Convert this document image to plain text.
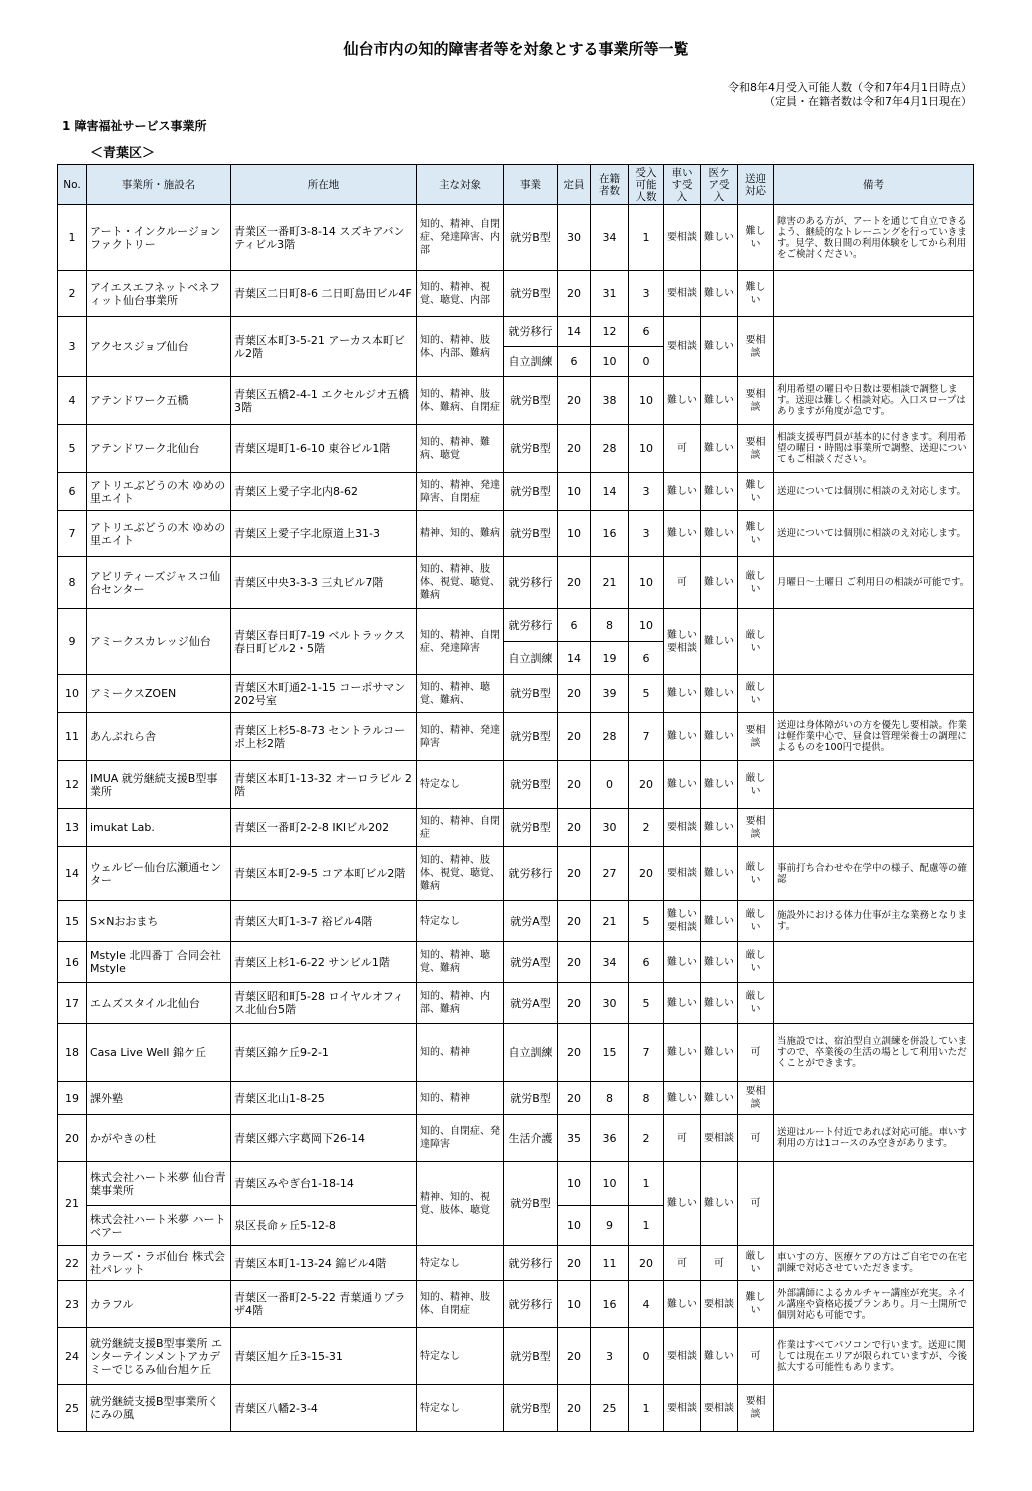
仙台市内の知的障害者等を対象とする事業所等一覧
令和8年4月受入可能人数（令和7年4月1日時点）
（定員・在籍者数は令和7年4月1日現在）
1 障害福祉サービス事業所
＜青葉区＞
No.	事業所・施設名	所在地	主な対象	事業	定員	在籍者数	受入可能人数	車いす受入	医ケア受入	送迎対応	備考
1	アート・インクルージョン ファクトリー	青業区一番町3-8-14 スズキアバンティビル3階	知的、精神、自閉症、発達障害、内部	就労B型	30	34	1	要相談	難しい	難しい	障害のある方が、アートを通じて自立できるよう、継続的なトレーニングを行っていきます。見学、数日間の利用体験をしてから利用をご検討ください。
2	アイエスエフネットベネフィット仙台事業所	青葉区二日町8-6 二日町島田ビル4F	知的、精神、視覚、聴覚、内部	就労B型	20	31	3	要相談	難しい	難しい	
3	アクセスジョブ仙台	青葉区本町3-5-21 アーカス本町ビル2階	知的、精神、肢体、内部、難病	就労移行	14	12	6	要相談	難しい	要相談	
				自立訓練	6	10	0				
4	アテンドワーク五橋	青葉区五橋2-4-1 エクセルジオ五橋3階	知的、精神、肢体、難病、自閉症	就労B型	20	38	10	難しい	難しい	要相談	利用希望の曜日や日数は要相談で調整します。送迎は難しく相談対応。入口スロープはありますが角度が急です。
5	アテンドワーク北仙台	青葉区堤町1-6-10 東谷ビル1階	知的、精神、難病、聴覚	就労B型	20	28	10	可	難しい	要相談	相談支援専門員が基本的に付きます。利用希望の曜日・時間は事業所で調整、送迎についてもご相談ください。
6	アトリエぶどうの木 ゆめの里エイト	青葉区上愛子字北内8-62	知的、精神、発達障害、自閉症	就労B型	10	14	3	難しい	難しい	難しい	送迎については個別に相談のえ対応します。
7	アトリエぶどうの木 ゆめの里エイト	青葉区上愛子字北原道上31-3	精神、知的、難病	就労B型	10	16	3	難しい	難しい	難しい	送迎については個別に相談のえ対応します。
8	アビリティーズジャスコ仙台センター	青葉区中央3-3-3 三丸ビル7階	知的、精神、肢体、視覚、聴覚、難病	就労移行	20	21	10	可	難しい	厳しい	月曜日～土曜日 ご利用日の相談が可能です。
9	アミークスカレッジ仙台	青葉区春日町7-19 ベルトラックス春日町ビル2・5階	知的、精神、自閉症、発達障害	就労移行	6	8	10	難しい 要相談	難しい	厳しい	
				自立訓練	14	19	6				
10	アミークスZOEN	青葉区木町通2-1-15 コーポサマン202号室	知的、精神、聴覚、難病、	就労B型	20	39	5	難しい	難しい	厳しい	
11	あんぷれら舎	青葉区上杉5-8-73 セントラルコーポ上杉2階	知的、精神、発達障害	就労B型	20	28	7	難しい	難しい	要相談	送迎は身体障がいの方を優先し要相談。作業は軽作業中心で、昼食は管理栄養士の調理によるものを100円で提供。
12	IMUA 就労継続支援B型事業所	青葉区本町1-13-32 オーロラビル 2階	特定なし	就労B型	20	0	20	難しい	難しい	厳しい	
13	imukat Lab.	青葉区一番町2-2-8 IKIビル202	知的、精神、自閉症	就労B型	20	30	2	要相談	難しい	要相談	
14	ウェルビー仙台広瀬通センター	青葉区本町2-9-5 コア本町ビル2階	知的、精神、肢体、視覚、聴覚、難病	就労移行	20	27	20	要相談	難しい	厳しい	事前打ち合わせや在学中の様子、配慮等の確認
15	S×Nおおまち	青葉区大町1-3-7 裕ビル4階	特定なし	就労A型	20	21	5	難しい 要相談	難しい	厳しい	施設外における体力仕事が主な業務となります。
16	Mstyle 北四番丁 合同会社Mstyle	青葉区上杉1-6-22 サンビル1階	知的、精神、聴覚、難病	就労A型	20	34	6	難しい	難しい	厳しい	
17	エムズスタイル北仙台	青葉区昭和町5-28 ロイヤルオフィス北仙台5階	知的、精神、内部、難病	就労A型	20	30	5	難しい	難しい	厳しい	
18	Casa Live Well 錦ケ丘	青葉区錦ケ丘9-2-1	知的、精神	自立訓練	20	15	7	難しい	難しい	可	当施設では、宿泊型自立訓練を併設していますので、卒業後の生活の場として利用いただくことができます。
19	課外塾	青葉区北山1-8-25	知的、精神	就労B型	20	8	8	難しい	難しい	要相談	
20	かがやきの杜	青葉区郷六字葛岡下26-14	知的、自閉症、発達障害	生活介護	35	36	2	可	要相談	可	送迎はルート付近であれば対応可能。車いす利用の方は1コースのみ空きがあります。
21	株式会社ハート米夢 仙台青葉事業所	青葉区みやぎ台1-18-14	精神、知的、視覚、肢体、聴覚	就労B型	10	10	1	難しい	難しい	可	
	株式会社ハート米夢 ハートベアー	泉区長命ヶ丘5-12-8			10	9	1				
22	カラーズ・ラボ仙台 株式会社パレット	青葉区本町1-13-24 錦ビル4階	特定なし	就労移行	20	11	20	可	可	厳しい	車いすの方、医療ケアの方はご自宅での在宅訓練で対応させていただきます。
23	カラフル	青葉区一番町2-5-22 青葉通りプラザ4階	知的、精神、肢体、自閉症	就労移行	10	16	4	難しい	要相談	難しい	外部講師によるカルチャー講座が充実。ネイル講座や資格応援プランあり。月～土開所で個別対応も可能です。
24	就労継続支援B型事業所 エンターテインメントアカデミーでじるみ仙台旭ケ丘	青葉区旭ケ丘3-15-31	特定なし	就労B型	20	3	0	要相談	難しい	可	作業はすべてパソコンで行います。送迎に関しては現在エリアが限られていますが、今後拡大する可能性もあります。
25	就労継続支援B型事業所くにみの風	青葉区八幡2-3-4	特定なし	就労B型	20	25	1	要相談	要相談	要相談	
